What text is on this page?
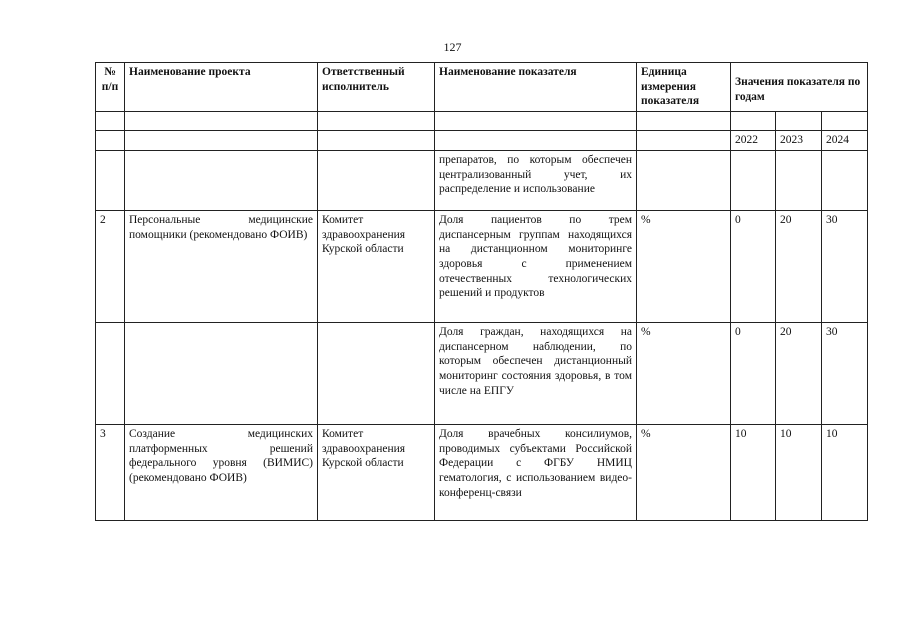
127
№ п/п	Наименование проекта	Ответственный исполнитель	Наименование показателя	Единица измерения показателя	Значения показателя по годам		

					2022	2023	2024
			препаратов, по которым обеспечен централизованный учет, их распределение и использование				
2	Персональные медицинские помощники (рекомендовано ФОИВ)	Комитет здравоохранения Курской области	Доля пациентов по трем диспансерным группам находящихся на дистанционном мониторинге здоровья с применением отечественных технологических решений и продуктов	%	0	20	30
			Доля граждан, находящихся на диспансерном наблюдении, по которым обеспечен дистанционный мониторинг состояния здоровья, в том числе на ЕПГУ	%	0	20	30
3	Создание медицинских платформенных решений федерального уровня (ВИМИС) (рекомендовано ФОИВ)	Комитет здравоохранения Курской области	Доля врачебных консилиумов, проводимых субъектами Российской Федерации с ФГБУ НМИЦ гематология, с использованием видео-конференц-связи	%	10	10	10
